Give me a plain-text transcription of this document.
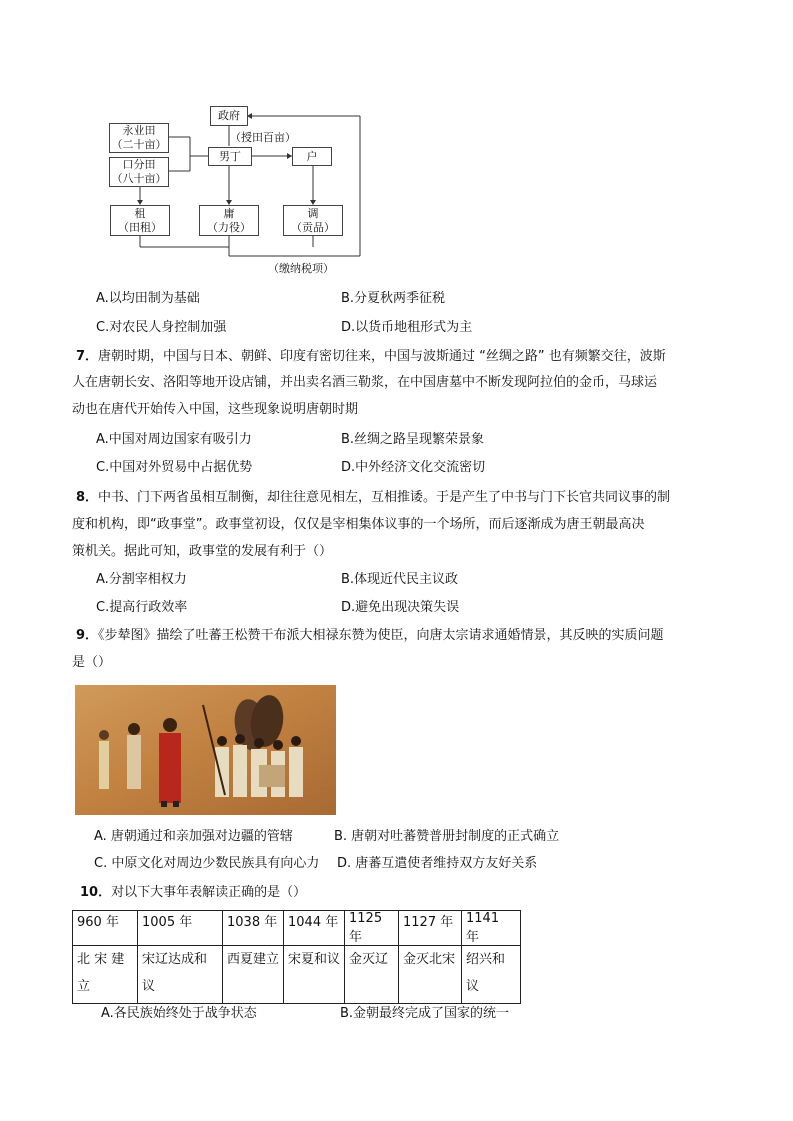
政府
（授田百亩）
永业田
（二十亩）
口分田
（八十亩）
男丁	户
租
（田租）
庸
（力役）
调
（贡品）
（缴纳税项）
A.以均田制为基础	B.分夏秋两季征税
C.对农民人身控制加强	D.以货币地租形式为主
7．唐朝时期，中国与日本、朝鲜、印度有密切往来，中国与波斯通过 “丝绸之路” 也有频繁交往，波斯
人在唐朝长安、洛阳等地开设店铺，并出卖名酒三勒浆，在中国唐墓中不断发现阿拉伯的金币，马球运
动也在唐代开始传入中国，这些现象说明唐朝时期
A.中国对周边国家有吸引力	B.丝绸之路呈现繁荣景象
C.中国对外贸易中占据优势	D.中外经济文化交流密切
8．中书、门下两省虽相互制衡，却往往意见相左，互相推诿。于是产生了中书与门下长官共同议事的制
度和机构，即“政事堂”。政事堂初设，仅仅是宰相集体议事的一个场所，而后逐渐成为唐王朝最高决
策机关。据此可知，政事堂的发展有利于（）
A.分割宰相权力	B.体现近代民主议政
C.提高行政效率	D.避免出现决策失误
9．《步辇图》描绘了吐蕃王松赞干布派大相禄东赞为使臣，向唐太宗请求通婚情景，其反映的实质问题
是（）
A. 唐朝通过和亲加强对边疆的管辖	B. 唐朝对吐蕃赞普册封制度的正式确立
C. 中原文化对周边少数民族具有向心力 D. 唐蕃互遣使者维持双方友好关系
10．对以下大事年表解读正确的是（）
960 年	1005 年	1038 年	1044 年	1125 年	1127 年	1141 年
北 宋 建立	宋辽达成和议	西夏建立	宋夏和议	金灭辽	金灭北宋	绍兴和议
A.各民族始终处于战争状态	B.金朝最终完成了国家的统一
